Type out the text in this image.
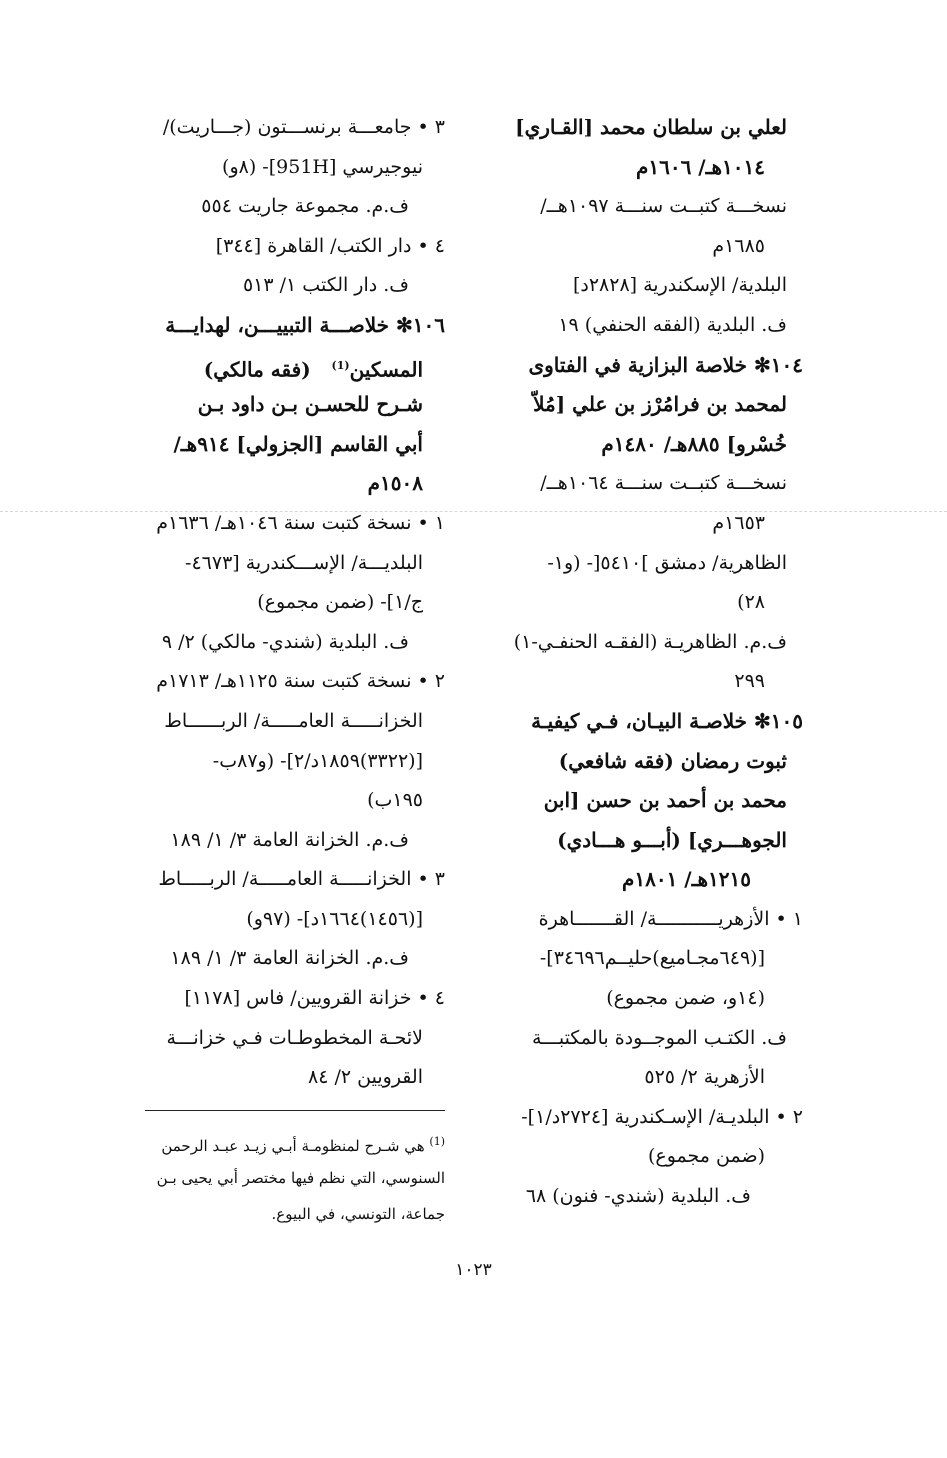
لعلي بن سلطان محمد [القـاري]
١٠١٤هـ/ ١٦٠٦م
نسخـــة كتبــت سنـــة ١٠٩٧هــ/
١٦٨٥م
البلدية/ الإسكندرية [٢٨٢٨د]
ف. البلدية (الفقه الحنفي) ١٩
١٠٤✻ خلاصة البزازية في الفتاوى
لمحمد بن فرامُرْز بن علي [مُلاّ
خُسْرو] ٨٨٥هـ/ ١٤٨٠م
نسخـــة كتبــت سنـــة ١٠٦٤هــ/
١٦٥٣م
الظاهرية/ دمشق ]٥٤١٠[- (و١-
٢٨)
ف.م. الظاهريـة (الفقـه الحنفـي-١)
٢٩٩
١٠٥✻ خلاصـة البيـان، فـي كيفيـة
ثبوت رمضان (فقه شافعي)
محمد بن أحمد بن حسن [ابن
الجوهـــري] (أبـــو هـــادي)
١٢١٥هـ/ ١٨٠١م
١ • الأزهريـــــــــــة/ القـــــــاهرة
[(٦٤٩مجـاميع)حليــم٣٤٦٩٦]-
(١٤و، ضمن مجموع)
ف. الكتـب الموجــودة بالمكتبـــة
الأزهرية ٢/ ٥٢٥
٢ • البلديـة/ الإسـكندرية [٢٧٢٤د/١]-
(ضمن مجموع)
ف. البلدية (شندي- فنون) ٦٨
٣ • جامعـــة برنســـتون (جـــاريت)/
نيوجيرسي [951H]- (٨و)
ف.م. مجموعة جاريت ٥٥٤
٤ • دار الكتب/ القاهرة [٣٤٤]
ف. دار الكتب ١/ ٥١٣
١٠٦✻ خلاصـــة التبييـــن، لهدايـــة
المسكين$^{(1)}$   (فقه مالكي)
شـرح للحسـن بـن داود بـن
أبي القاسم [الجزولي] ٩١٤هـ/
١٥٠٨م
١ • نسخة كتبت سنة ١٠٤٦هـ/ ١٦٣٦م
البلديـــة/ الإســـكندرية [٤٦٧٣-
ج/١]- (ضمن مجموع)
ف. البلدية (شندي- مالكي) ٢/ ٩
٢ • نسخة كتبت سنة ١١٢٥هـ/ ١٧١٣م
الخزانـــــة العامـــــة/ الربــــــاط
[(٣٣٢٢)١٨٥٩د/٢]- (و٨٧ب-
١٩٥ب)
ف.م. الخزانة العامة ٣/ ١/ ١٨٩
٣ • الخزانـــــة العامـــــة/ الربـــــاط
[(١٤٥٦)١٦٦٤د]- (٩٧و)
ف.م. الخزانة العامة ٣/ ١/ ١٨٩
٤ • خزانة القرويين/ فاس [١١٧٨]
لائحـة المخطوطـات فـي خزانـــة
القرويين ٢/ ٨٤
$^{(1)}$ هي شـرح لمنظومـة أبـي زيـد عبـد الرحمن
السنوسي، التي نظم فيها مختصر أبي يحيى بـن
جماعة، التونسي، في البيوع.
١٠٢٣
